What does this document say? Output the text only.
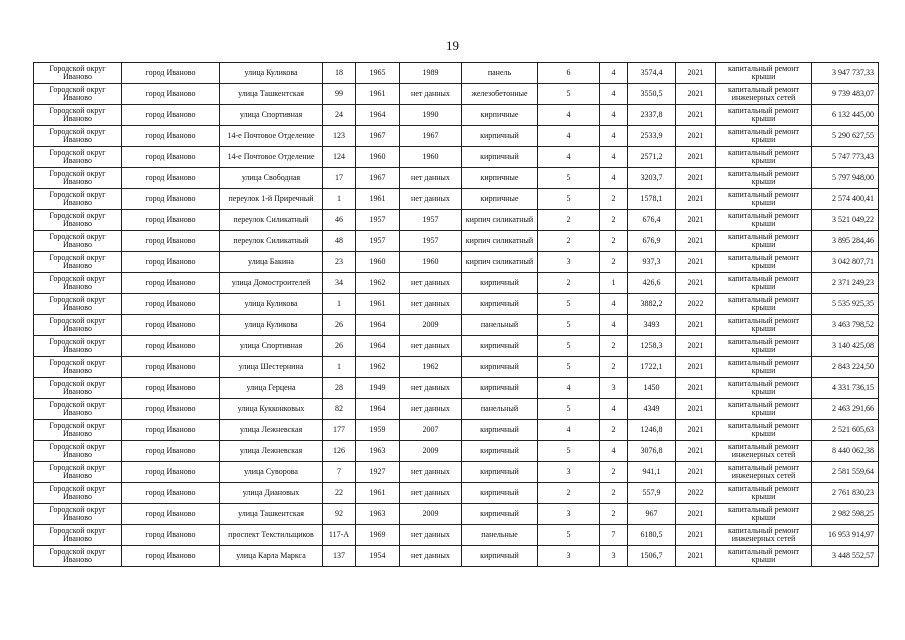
19
Городской округ Иваново	город Иваново	улица Куликова	18	1965	1989	панель	6	4	3574,4	2021	капитальный ремонт крыши	3 947 737,33
Городской округ Иваново	город Иваново	улица Ташкентская	99	1961	нет данных	железобетонные	5	4	3550,5	2021	капитальный ремонт инженерных сетей	9 739 483,07
Городской округ Иваново	город Иваново	улица Спортивная	24	1964	1990	кирпичные	4	4	2337,8	2021	капитальный ремонт крыши	6 132 445,00
Городской округ Иваново	город Иваново	14-е Почтовое Отделение	123	1967	1967	кирпичный	4	4	2533,9	2021	капитальный ремонт крыши	5 290 627,55
Городской округ Иваново	город Иваново	14-е Почтовое Отделение	124	1960	1960	кирпичный	4	4	2571,2	2021	капитальный ремонт крыши	5 747 773,43
Городской округ Иваново	город Иваново	улица Свободная	17	1967	нет данных	кирпичные	5	4	3203,7	2021	капитальный ремонт крыши	5 797 948,00
Городской округ Иваново	город Иваново	переулок 1-й Приречный	1	1961	нет данных	кирпичные	5	2	1578,1	2021	капитальный ремонт крыши	2 574 400,41
Городской округ Иваново	город Иваново	переулок Силикатный	46	1957	1957	кирпич силикатный	2	2	676,4	2021	капитальный ремонт крыши	3 521 049,22
Городской округ Иваново	город Иваново	переулок Силикатный	48	1957	1957	кирпич силикатный	2	2	676,9	2021	капитальный ремонт крыши	3 895 284,46
Городской округ Иваново	город Иваново	улица Бакина	23	1960	1960	кирпич силикатный	3	2	937,3	2021	капитальный ремонт крыши	3 042 807,71
Городской округ Иваново	город Иваново	улица Домостроителей	34	1962	нет данных	кирпичный	2	1	426,6	2021	капитальный ремонт крыши	2 371 249,23
Городской округ Иваново	город Иваново	улица Куликова	1	1961	нет данных	кирпичный	5	4	3882,2	2022	капитальный ремонт крыши	5 535 925,35
Городской округ Иваново	город Иваново	улица Куликова	26	1964	2009	панельный	5	4	3493	2021	капитальный ремонт крыши	3 463 798,52
Городской округ Иваново	город Иваново	улица Спортивная	26	1964	нет данных	кирпичный	5	2	1258,3	2021	капитальный ремонт крыши	3 140 425,08
Городской округ Иваново	город Иваново	улица Шестернина	1	1962	1962	кирпичный	5	2	1722,1	2021	капитальный ремонт крыши	2 843 224,50
Городской округ Иваново	город Иваново	улица Герцена	28	1949	нет данных	кирпичный	4	3	1450	2021	капитальный ремонт крыши	4 331 736,15
Городской округ Иваново	город Иваново	улица Кукконковых	82	1964	нет данных	панельный	5	4	4349	2021	капитальный ремонт крыши	2 463 291,66
Городской округ Иваново	город Иваново	улица Лежневская	177	1959	2007	кирпичный	4	2	1246,8	2021	капитальный ремонт крыши	2 521 605,63
Городской округ Иваново	город Иваново	улица Лежневская	126	1963	2009	кирпичный	5	4	3076,8	2021	капитальный ремонт инженерных сетей	8 440 062,38
Городской округ Иваново	город Иваново	улица Суворова	7	1927	нет данных	кирпичный	3	2	941,1	2021	капитальный ремонт инженерных сетей	2 581 559,64
Городской округ Иваново	город Иваново	улица Диановых	22	1961	нет данных	кирпичный	2	2	557,9	2022	капитальный ремонт крыши	2 761 830,23
Городской округ Иваново	город Иваново	улица Ташкентская	92	1963	2009	кирпичный	3	2	967	2021	капитальный ремонт крыши	2 982 598,25
Городской округ Иваново	город Иваново	проспект Текстильщиков	117-А	1969	нет данных	панельные	5	7	6180,5	2021	капитальный ремонт инженерных сетей	16 953 914,97
Городской округ Иваново	город Иваново	улица Карла Маркса	137	1954	нет данных	кирпичный	3	3	1506,7	2021	капитальный ремонт крыши	3 448 552,57
